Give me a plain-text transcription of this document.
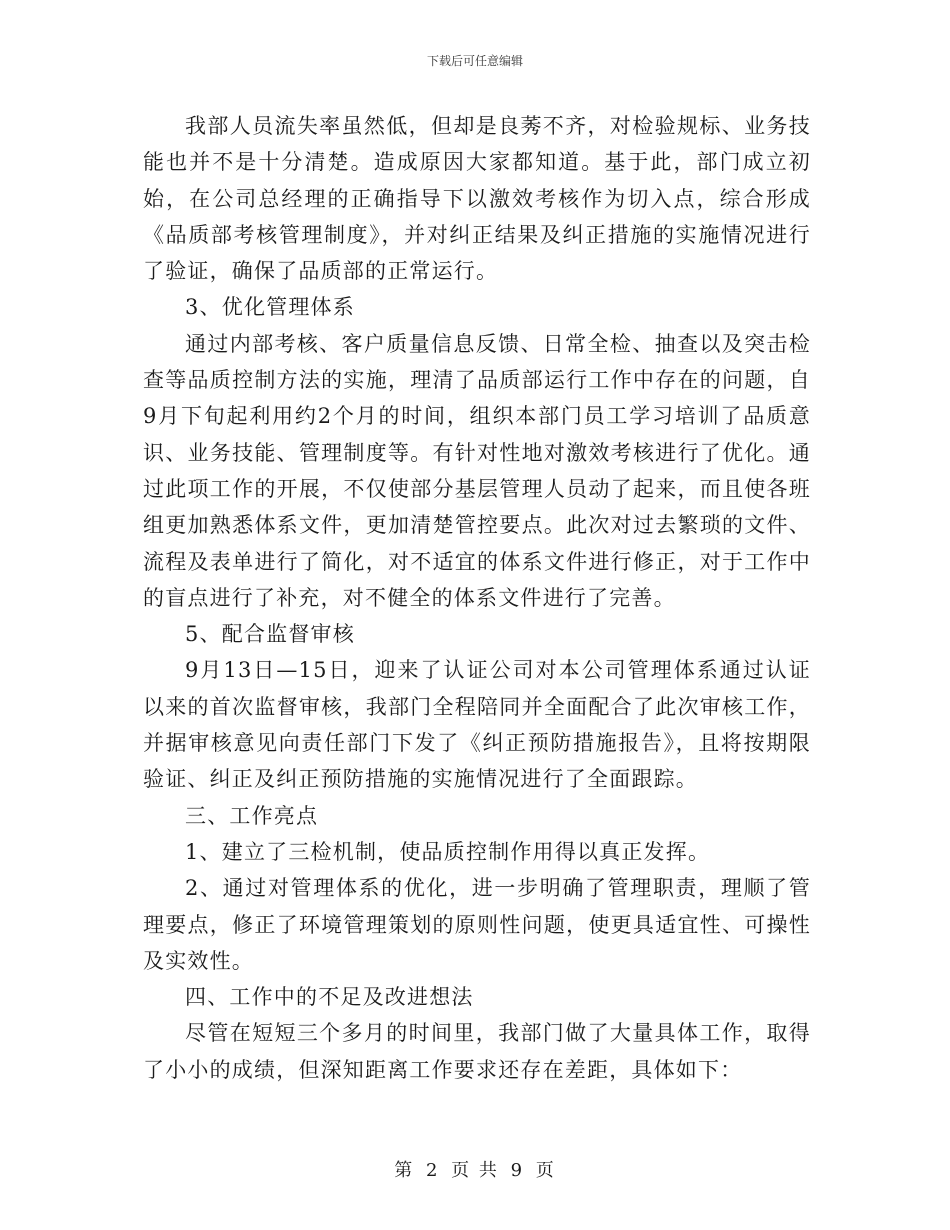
下载后可任意编辑

我部人员流失率虽然低，但却是良莠不齐，对检验规标、业务技能也并不是十分清楚。造成原因大家都知道。基于此，部门成立初始，在公司总经理的正确指导下以激效考核作为切入点，综合形成《品质部考核管理制度》，并对纠正结果及纠正措施的实施情况进行了验证，确保了品质部的正常运行。

3、优化管理体系

通过内部考核、客户质量信息反馈、日常全检、抽查以及突击检查等品质控制方法的实施，理清了品质部运行工作中存在的问题，自9月下旬起利用约2个月的时间，组织本部门员工学习培训了品质意识、业务技能、管理制度等。有针对性地对激效考核进行了优化。通过此项工作的开展，不仅使部分基层管理人员动了起来，而且使各班组更加熟悉体系文件，更加清楚管控要点。此次对过去繁琐的文件、流程及表单进行了简化，对不适宜的体系文件进行修正，对于工作中的盲点进行了补充，对不健全的体系文件进行了完善。

5、配合监督审核

9月13日—15日，迎来了认证公司对本公司管理体系通过认证以来的首次监督审核，我部门全程陪同并全面配合了此次审核工作，并据审核意见向责任部门下发了《纠正预防措施报告》，且将按期限验证、纠正及纠正预防措施的实施情况进行了全面跟踪。

三、工作亮点

1、建立了三检机制，使品质控制作用得以真正发挥。

2、通过对管理体系的优化，进一步明确了管理职责，理顺了管理要点，修正了环境管理策划的原则性问题，使更具适宜性、可操性及实效性。

四、工作中的不足及改进想法

尽管在短短三个多月的时间里，我部门做了大量具体工作，取得了小小的成绩，但深知距离工作要求还存在差距，具体如下：

第 2 页 共 9 页
